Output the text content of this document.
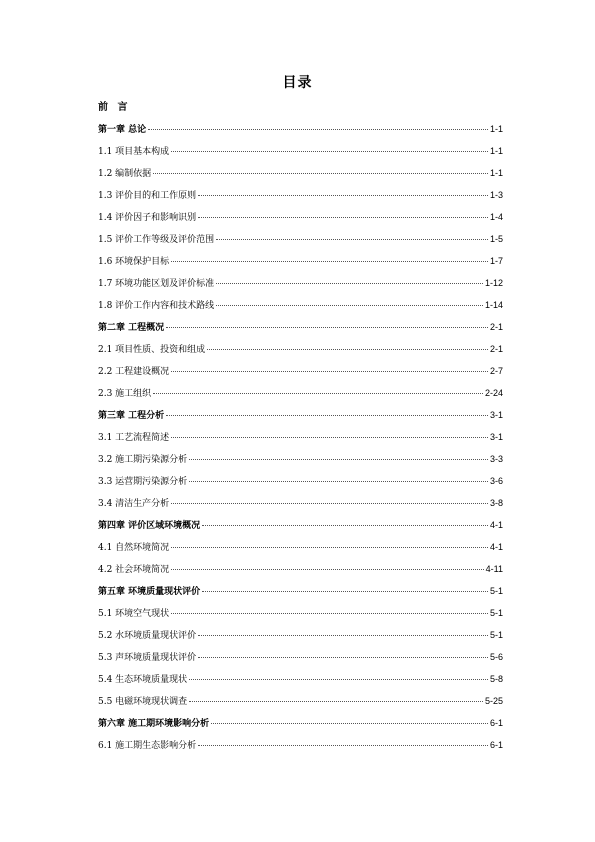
目录
前 言
第一章 总论	1-1
1.1 项目基本构成	1-1
1.2 编制依据	1-1
1.3 评价目的和工作原则	1-3
1.4 评价因子和影响识别	1-4
1.5 评价工作等级及评价范围	1-5
1.6 环境保护目标	1-7
1.7 环境功能区划及评价标准	1-12
1.8 评价工作内容和技术路线	1-14
第二章 工程概况	2-1
2.1 项目性质、投资和组成	2-1
2.2 工程建设概况	2-7
2.3 施工组织	2-24
第三章 工程分析	3-1
3.1 工艺流程简述	3-1
3.2 施工期污染源分析	3-3
3.3 运营期污染源分析	3-6
3.4 清洁生产分析	3-8
第四章 评价区域环境概况	4-1
4.1 自然环境简况	4-1
4.2 社会环境简况	4-11
第五章 环境质量现状评价	5-1
5.1 环境空气现状	5-1
5.2 水环境质量现状评价	5-1
5.3 声环境质量现状评价	5-6
5.4 生态环境质量现状	5-8
5.5 电磁环境现状调查	5-25
第六章 施工期环境影响分析	6-1
6.1 施工期生态影响分析	6-1
